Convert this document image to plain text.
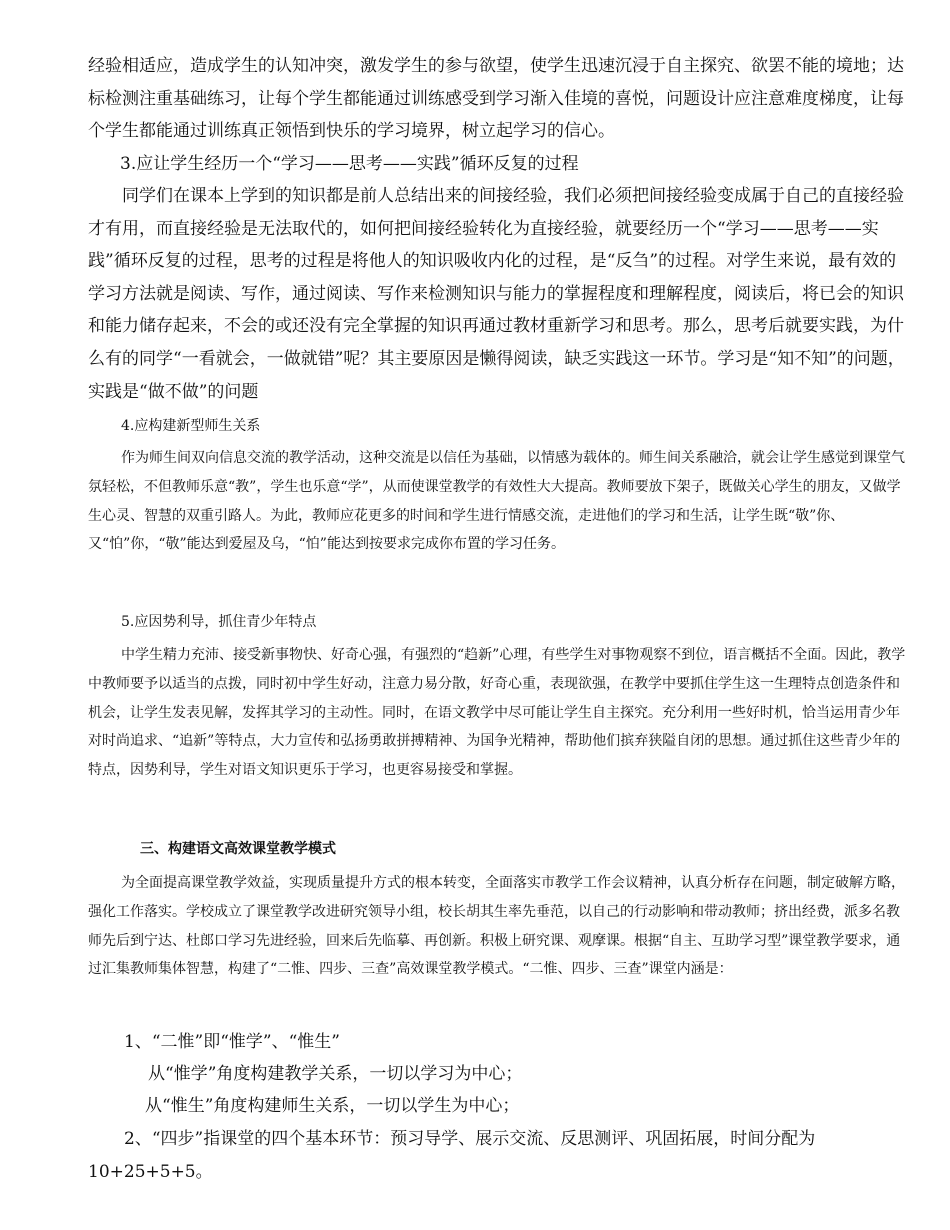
经验相适应，造成学生的认知冲突，激发学生的参与欲望，使学生迅速沉浸于自主探究、欲罢不能的境地；达标检测注重基础练习，让每个学生都能通过训练感受到学习渐入佳境的喜悦，问题设计应注意难度梯度，让每个学生都能通过训练真正领悟到快乐的学习境界，树立起学习的信心。

3.应让学生经历一个“学习——思考——实践”循环反复的过程

同学们在课本上学到的知识都是前人总结出来的间接经验，我们必须把间接经验变成属于自己的直接经验才有用，而直接经验是无法取代的，如何把间接经验转化为直接经验，就要经历一个“学习——思考——实践”循环反复的过程，思考的过程是将他人的知识吸收内化的过程，是“反刍”的过程。对学生来说，最有效的学习方法就是阅读、写作，通过阅读、写作来检测知识与能力的掌握程度和理解程度，阅读后，将已会的知识和能力储存起来，不会的或还没有完全掌握的知识再通过教材重新学习和思考。那么，思考后就要实践，为什么有的同学“一看就会，一做就错”呢？其主要原因是懒得阅读，缺乏实践这一环节。学习是“知不知”的问题，实践是“做不做”的问题

4.应构建新型师生关系

作为师生间双向信息交流的教学活动，这种交流是以信任为基础，以情感为载体的。师生间关系融洽，就会让学生感觉到课堂气氛轻松，不但教师乐意“教”，学生也乐意“学”，从而使课堂教学的有效性大大提高。教师要放下架子，既做关心学生的朋友，又做学生心灵、智慧的双重引路人。为此，教师应花更多的时间和学生进行情感交流，走进他们的学习和生活，让学生既“敬”你、又“怕”你，“敬”能达到爱屋及乌，“怕”能达到按要求完成你布置的学习任务。

5.应因势利导，抓住青少年特点

中学生精力充沛、接受新事物快、好奇心强，有强烈的“趋新”心理，有些学生对事物观察不到位，语言概括不全面。因此，教学中教师要予以适当的点拨，同时初中学生好动，注意力易分散，好奇心重，表现欲强，在教学中要抓住学生这一生理特点创造条件和机会，让学生发表见解，发挥其学习的主动性。同时，在语文教学中尽可能让学生自主探究。充分利用一些好时机，恰当运用青少年对时尚追求、“追新”等特点，大力宣传和弘扬勇敢拼搏精神、为国争光精神，帮助他们摈弃狭隘自闭的思想。通过抓住这些青少年的特点，因势利导，学生对语文知识更乐于学习，也更容易接受和掌握。

三、构建语文高效课堂教学模式

为全面提高课堂教学效益，实现质量提升方式的根本转变，全面落实市教学工作会议精神，认真分析存在问题，制定破解方略，强化工作落实。学校成立了课堂教学改进研究领导小组，校长胡其生率先垂范，以自己的行动影响和带动教师；挤出经费，派多名教师先后到宁达、杜郎口学习先进经验，回来后先临摹、再创新。积极上研究课、观摩课。根据“自主、互助学习型”课堂教学要求，通过汇集教师集体智慧，构建了“二惟、四步、三查”高效课堂教学模式。“二惟、四步、三查”课堂内涵是：

1、“二惟”即“惟学”、“惟生”

从“惟学”角度构建教学关系，一切以学习为中心；

从“惟生”角度构建师生关系，一切以学生为中心；

2、“四步”指课堂的四个基本环节：预习导学、展示交流、反思测评、巩固拓展，时间分配为10+25+5+5。
